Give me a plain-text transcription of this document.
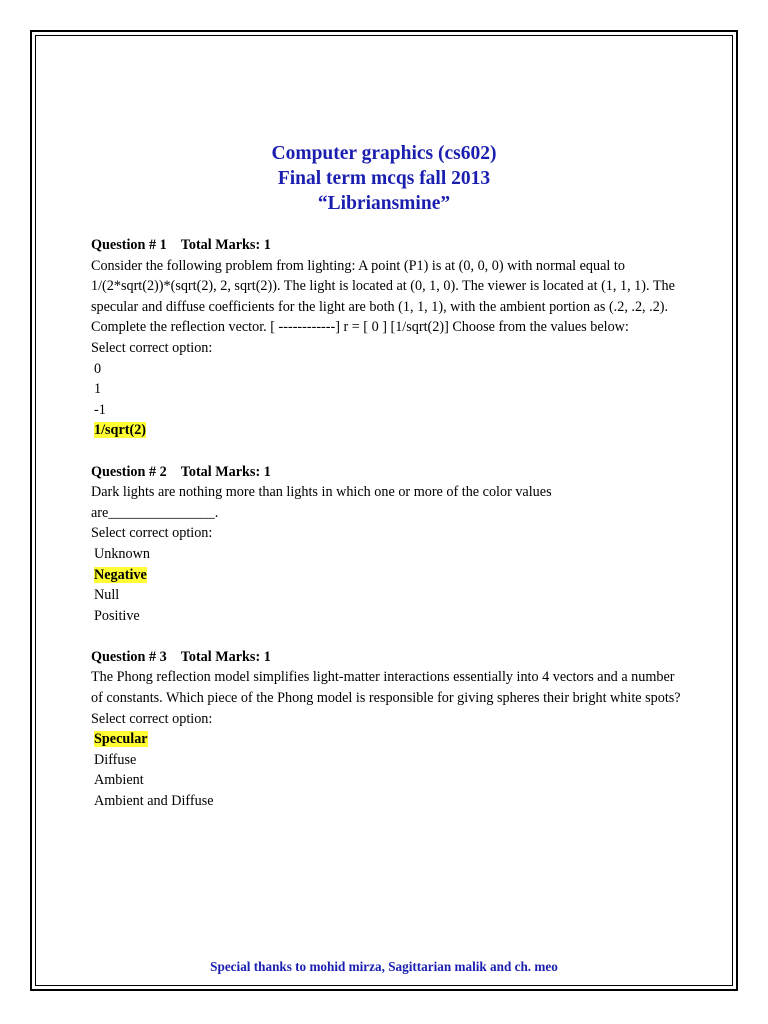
Computer graphics (cs602)
Final term mcqs fall 2013
“Libriansmine”
Question # 1 Total Marks: 1

Consider the following problem from lighting: A point (P1) is at (0, 0, 0) with normal equal to 1/(2*sqrt(2))*(sqrt(2), 2, sqrt(2)). The light is located at (0, 1, 0). The viewer is located at (1, 1, 1). The specular and diffuse coefficients for the light are both (1, 1, 1), with the ambient portion as (.2, .2, .2). Complete the reflection vector. [ ------------] r = [ 0 ] [1/sqrt(2)] Choose from the values below:

Select correct option:
0
1
-1
1/sqrt(2)
Question # 2 Total Marks: 1

Dark lights are nothing more than lights in which one or more of the color values are_______________.

Select correct option:
Unknown
Negative
Null
Positive
Question # 3 Total Marks: 1

The Phong reflection model simplifies light-matter interactions essentially into 4 vectors and a number of constants. Which piece of the Phong model is responsible for giving spheres their bright white spots?

Select correct option:
Specular
Diffuse
Ambient
Ambient and Diffuse
Special thanks to mohid mirza, Sagittarian malik and ch. meo
